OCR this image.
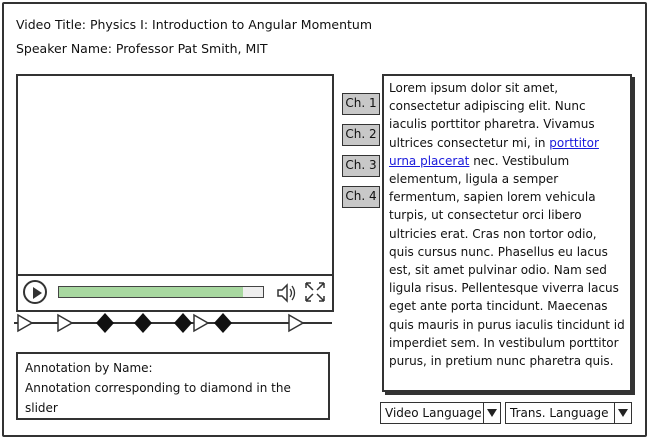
Video Title: Physics I: Introduction to Angular Momentum
Speaker Name: Professor Pat Smith, MIT
Annotation by Name:
Annotation corresponding to diamond in the slider
Ch. 1
Ch. 2
Ch. 3
Ch. 4
Lorem ipsum dolor sit amet, consectetur adipiscing elit. Nunc iaculis porttitor pharetra. Vivamus ultrices consectetur mi, in porttitor urna placerat nec. Vestibulum elementum, ligula a semper fermentum, sapien lorem vehicula turpis, ut consectetur orci libero ultricies erat. Cras non tortor odio, quis cursus nunc. Phasellus eu lacus est, sit amet pulvinar odio. Nam sed ligula risus. Pellentesque viverra lacus eget ante porta tincidunt. Maecenas quis mauris in purus iaculis tincidunt id imperdiet sem. In vestibulum porttitor purus, in pretium nunc pharetra quis.
Video Language Trans. Language
